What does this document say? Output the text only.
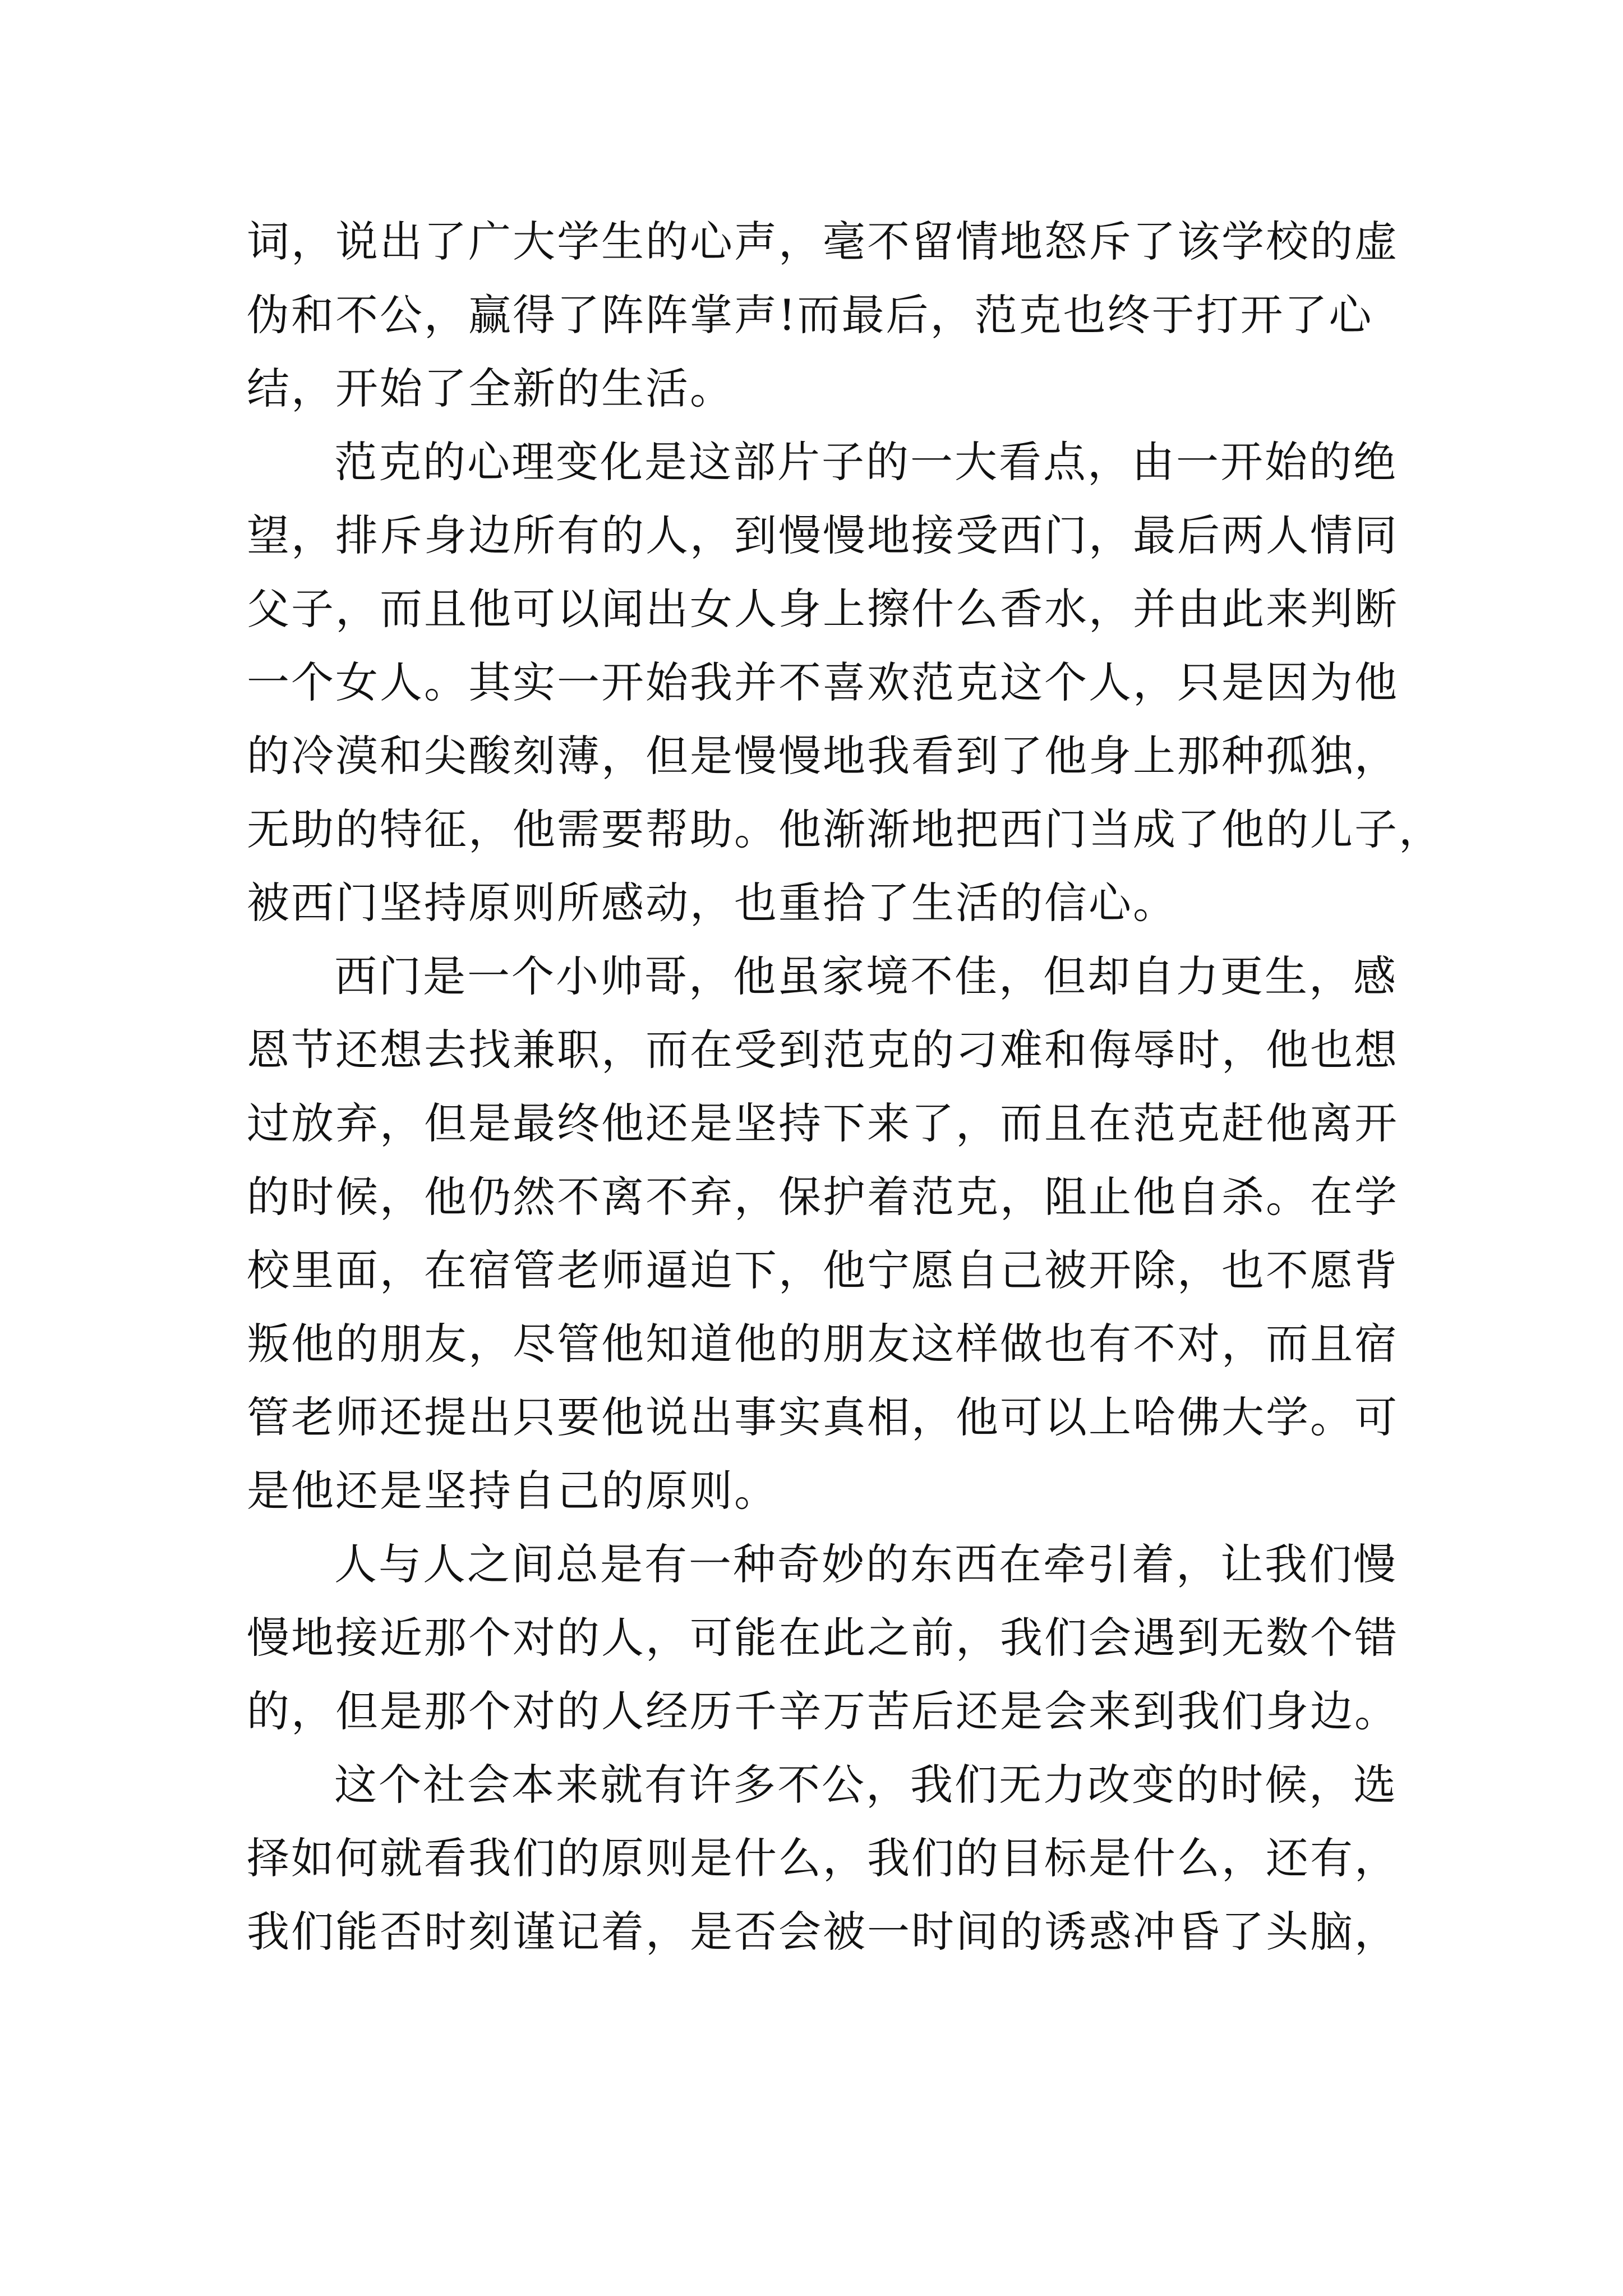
词，说出了广大学生的心声，毫不留情地怒斥了该学校的虚
伪和不公，赢得了阵阵掌声!而最后，范克也终于打开了心
结，开始了全新的生活。
范克的心理变化是这部片子的一大看点，由一开始的绝
望，排斥身边所有的人，到慢慢地接受西门，最后两人情同
父子，而且他可以闻出女人身上擦什么香水，并由此来判断
一个女人。其实一开始我并不喜欢范克这个人，只是因为他
的冷漠和尖酸刻薄，但是慢慢地我看到了他身上那种孤独，
无助的特征，他需要帮助。他渐渐地把西门当成了他的儿子，
被西门坚持原则所感动，也重拾了生活的信心。
西门是一个小帅哥，他虽家境不佳，但却自力更生，感
恩节还想去找兼职，而在受到范克的刁难和侮辱时，他也想
过放弃，但是最终他还是坚持下来了，而且在范克赶他离开
的时候，他仍然不离不弃，保护着范克，阻止他自杀。在学
校里面，在宿管老师逼迫下，他宁愿自己被开除，也不愿背
叛他的朋友，尽管他知道他的朋友这样做也有不对，而且宿
管老师还提出只要他说出事实真相，他可以上哈佛大学。可
是他还是坚持自己的原则。
人与人之间总是有一种奇妙的东西在牵引着，让我们慢
慢地接近那个对的人，可能在此之前，我们会遇到无数个错
的，但是那个对的人经历千辛万苦后还是会来到我们身边。
这个社会本来就有许多不公，我们无力改变的时候，选
择如何就看我们的原则是什么，我们的目标是什么，还有，
我们能否时刻谨记着，是否会被一时间的诱惑冲昏了头脑，
